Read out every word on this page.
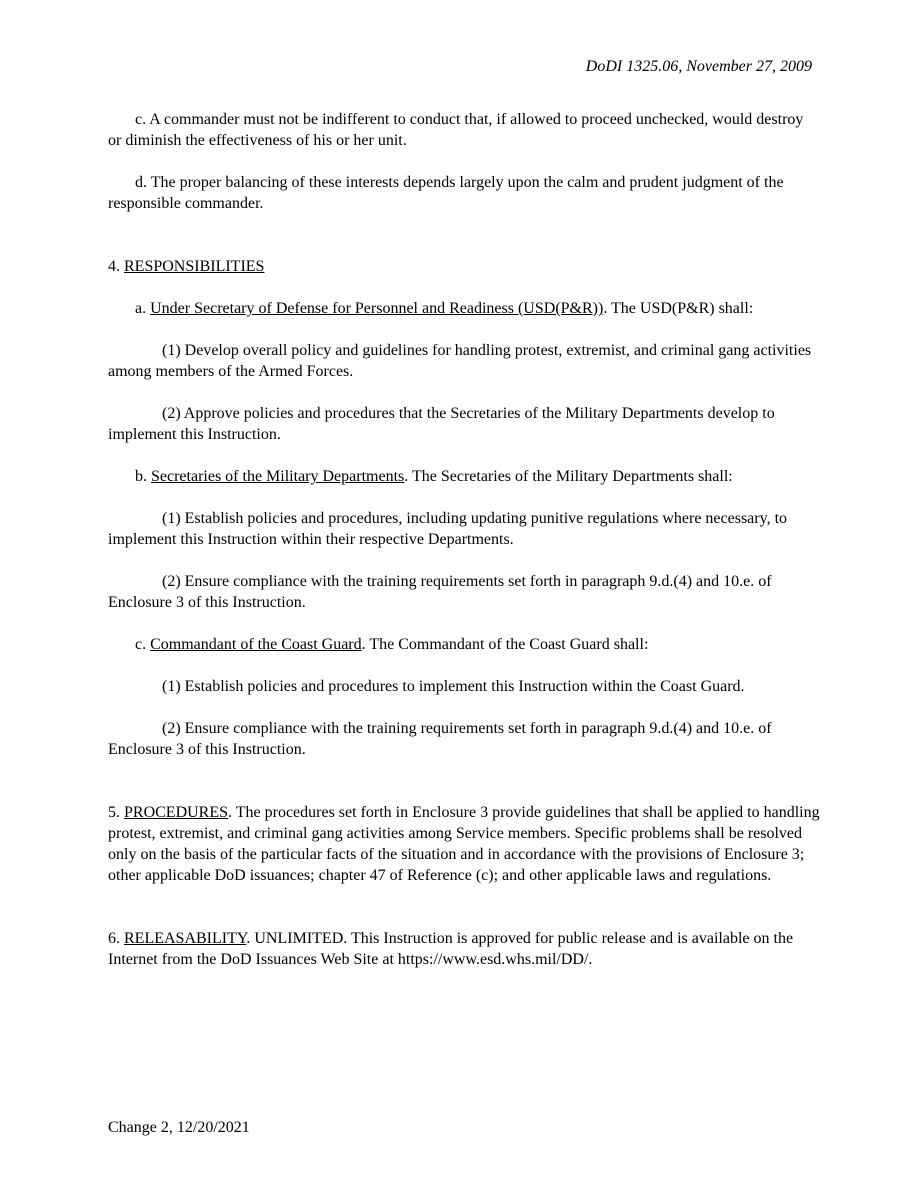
DoDI 1325.06, November 27, 2009

c. A commander must not be indifferent to conduct that, if allowed to proceed unchecked, would destroy or diminish the effectiveness of his or her unit.

d. The proper balancing of these interests depends largely upon the calm and prudent judgment of the responsible commander.

4. RESPONSIBILITIES

a. Under Secretary of Defense for Personnel and Readiness (USD(P&R)). The USD(P&R) shall:

(1) Develop overall policy and guidelines for handling protest, extremist, and criminal gang activities among members of the Armed Forces.

(2) Approve policies and procedures that the Secretaries of the Military Departments develop to implement this Instruction.

b. Secretaries of the Military Departments. The Secretaries of the Military Departments shall:

(1) Establish policies and procedures, including updating punitive regulations where necessary, to implement this Instruction within their respective Departments.

(2) Ensure compliance with the training requirements set forth in paragraph 9.d.(4) and 10.e. of Enclosure 3 of this Instruction.

c. Commandant of the Coast Guard. The Commandant of the Coast Guard shall:

(1) Establish policies and procedures to implement this Instruction within the Coast Guard.

(2) Ensure compliance with the training requirements set forth in paragraph 9.d.(4) and 10.e. of Enclosure 3 of this Instruction.

5. PROCEDURES. The procedures set forth in Enclosure 3 provide guidelines that shall be applied to handling protest, extremist, and criminal gang activities among Service members. Specific problems shall be resolved only on the basis of the particular facts of the situation and in accordance with the provisions of Enclosure 3; other applicable DoD issuances; chapter 47 of Reference (c); and other applicable laws and regulations.

6. RELEASABILITY. UNLIMITED. This Instruction is approved for public release and is available on the Internet from the DoD Issuances Web Site at https://www.esd.whs.mil/DD/.

Change 2, 12/20/2021
